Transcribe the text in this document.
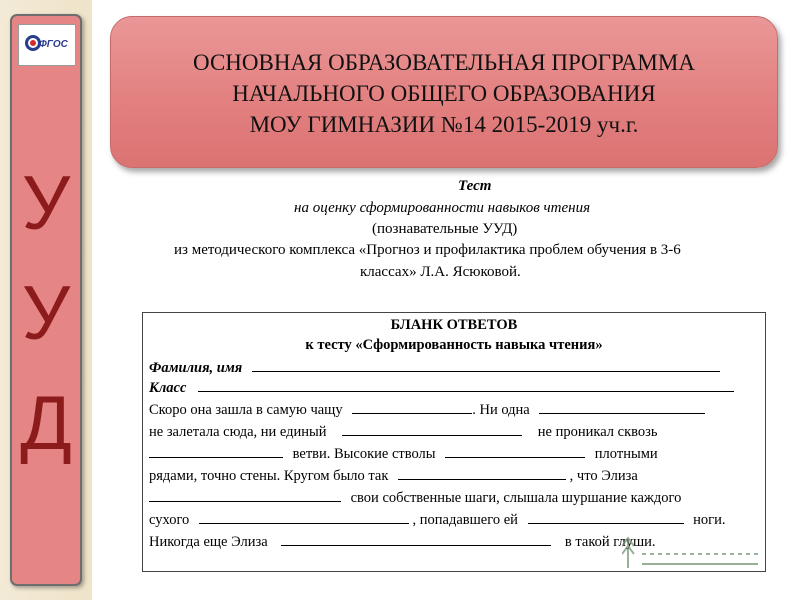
ФГОС
У
У
Д
ОСНОВНАЯ ОБРАЗОВАТЕЛЬНАЯ ПРОГРАММА
НАЧАЛЬНОГО ОБЩЕГО ОБРАЗОВАНИЯ
МОУ ГИМНАЗИИ №14 2015-2019 уч.г.
Тест
на оценку сформированности навыков чтения
(познавательные УУД)
из методического комплекса «Прогноз и профилактика проблем обучения в 3-6
классах» Л.А. Ясюковой.
БЛАНК ОТВЕТОВ
к тесту «Сформированность навыка чтения»
Фамилия, имя
Класс
Скоро она зашла в самую чащу	. Ни одна
не залетала сюда, ни единый	не проникал сквозь
ветви. Высокие стволы	плотными
рядами, точно стены. Кругом было так	, что Элиза
свои собственные шаги, слышала шуршание каждого
сухого	, попадавшего ей	ноги.
Никогда еще Элиза	в такой глуши.
